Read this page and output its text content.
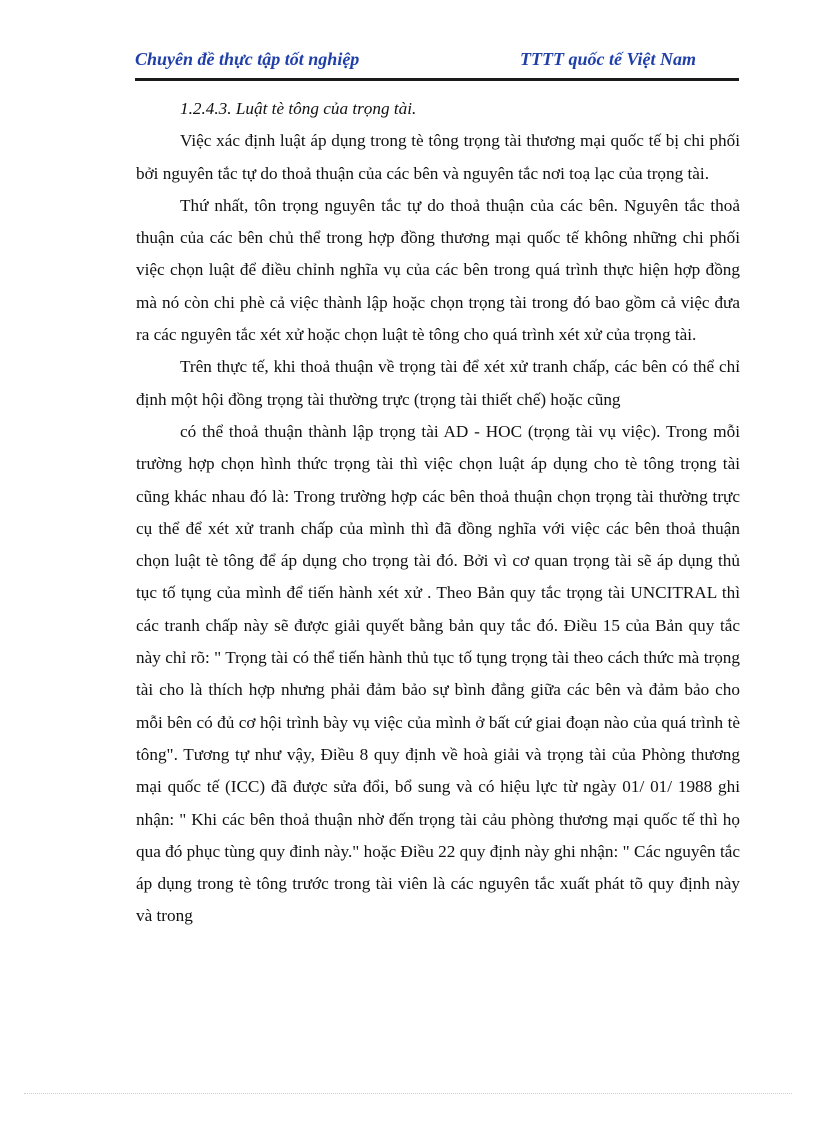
Chuyên đề thực tập tốt nghiệp	TTTT quốc tế Việt Nam

1.2.4.3. Luật tè tông của trọng tài.

Việc xác định luật áp dụng trong tè tông trọng tài thương mại quốc tế bị chi phối bởi nguyên tắc tự do thoả thuận của các bên và nguyên tắc nơi toạ lạc của trọng tài.

Thứ nhất, tôn trọng nguyên tắc tự do thoả thuận của các bên. Nguyên tắc thoả thuận của các bên chủ thể trong hợp đồng thương mại quốc tế không những chi phối việc chọn luật để điều chỉnh nghĩa vụ của các bên trong quá trình thực hiện hợp đồng mà nó còn chi phè cả việc thành lập hoặc chọn trọng tài trong đó bao gồm cả việc đưa ra các nguyên tắc xét xử hoặc chọn luật tè tông cho quá trình xét xử của trọng tài.

Trên thực tế, khi thoả thuận về trọng tài để xét xử tranh chấp, các bên có thể chỉ định một hội đồng trọng tài thường trực (trọng tài thiết chế) hoặc cũng

có thể thoả thuận thành lập trọng tài AD - HOC (trọng tài vụ việc). Trong mỗi trường hợp chọn hình thức trọng tài thì việc chọn luật áp dụng cho tè tông trọng tài cũng khác nhau đó là: Trong trường hợp các bên thoả thuận chọn trọng tài thường trực cụ thể để xét xử tranh chấp của mình thì đã đồng nghĩa với việc các bên thoả thuận chọn luật tè tông để áp dụng cho trọng tài đó. Bởi vì cơ quan trọng tài sẽ áp dụng thủ tục tố tụng của mình để tiến hành xét xử . Theo Bản quy tắc trọng tài UNCITRAL thì các tranh chấp này sẽ được giải quyết bằng bản quy tắc đó. Điều 15 của Bản quy tắc này chỉ rõ: " Trọng tài có thể tiến hành thủ tục tố tụng trọng tài theo cách thức mà trọng tài cho là thích hợp nhưng phải đảm bảo sự bình đẳng giữa các bên và đảm bảo cho mỗi bên có đủ cơ hội trình bày vụ việc của mình ở bất cứ giai đoạn nào của quá trình tè tông". Tương tự như vậy, Điều 8 quy định về hoà giải và trọng tài của Phòng thương mại quốc tế (ICC) đã được sửa đổi, bổ sung và có hiệu lực từ ngày 01/ 01/ 1988 ghi nhận: " Khi các bên thoả thuận nhờ đến trọng tài cảu phòng thương mại quốc tế thì họ qua đó phục tùng quy đinh này." hoặc Điều 22 quy định này ghi nhận: " Các nguyên tắc áp dụng trong tè tông trước trong tài viên là các nguyên tắc xuất phát tõ quy định này và trong
